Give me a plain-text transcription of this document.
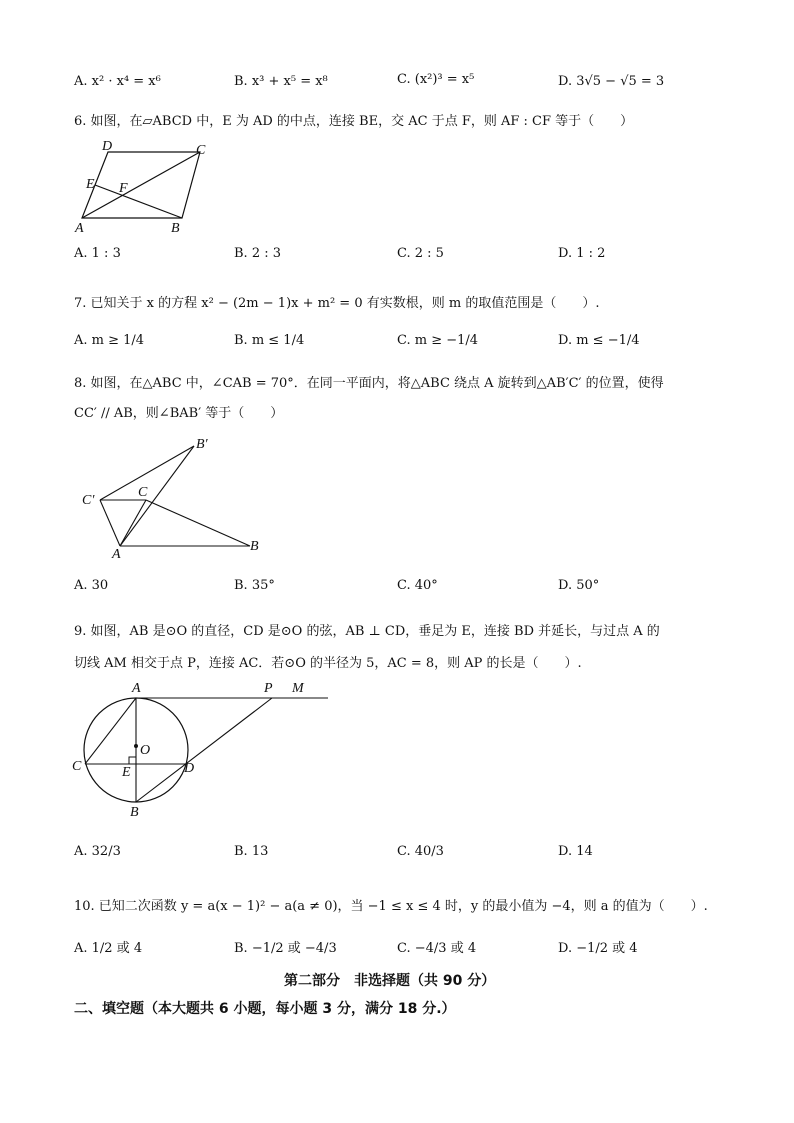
A. x² · x⁴ = x⁶	B. x³ + x⁵ = x⁸	C. (x²)³ = x⁵	D. 3√5 − √5 = 3
6. 如图，在▱ABCD 中，E 为 AD 的中点，连接 BE，交 AC 于点 F，则 AF : CF 等于（　　）
D	C
E F
A	B
A. 1 : 3	B. 2 : 3	C. 2 : 5	D. 1 : 2
7. 已知关于 x 的方程 x² − (2m − 1)x + m² = 0 有实数根，则 m 的取值范围是（　　）.
A. m ≥ 1/4	B. m ≤ 1/4	C. m ≥ −1/4	D. m ≤ −1/4
8. 如图，在△ABC 中，∠CAB = 70°．在同一平面内，将△ABC 绕点 A 旋转到△AB′C′ 的位置，使得
CC′ // AB，则∠BAB′ 等于（　　）
B′
C′
C
A
B
A. 30	B. 35°	C. 40°	D. 50°
9. 如图，AB 是⊙O 的直径，CD 是⊙O 的弦，AB ⊥ CD，垂足为 E，连接 BD 并延长，与过点 A 的
切线 AM 相交于点 P，连接 AC．若⊙O 的半径为 5，AC = 8，则 AP 的长是（　　）.
A	P M
O
C	E	D
B
A. 32/3	B. 13	C. 40/3	D. 14
10. 已知二次函数 y = a(x − 1)² − a(a ≠ 0)，当 −1 ≤ x ≤ 4 时，y 的最小值为 −4，则 a 的值为（　　）.
A. 1/2 或 4	B. −1/2 或 −4/3	C. −4/3 或 4	D. −1/2 或 4
第二部分　非选择题（共 90 分）
二、填空题（本大题共 6 小题，每小题 3 分，满分 18 分.）
